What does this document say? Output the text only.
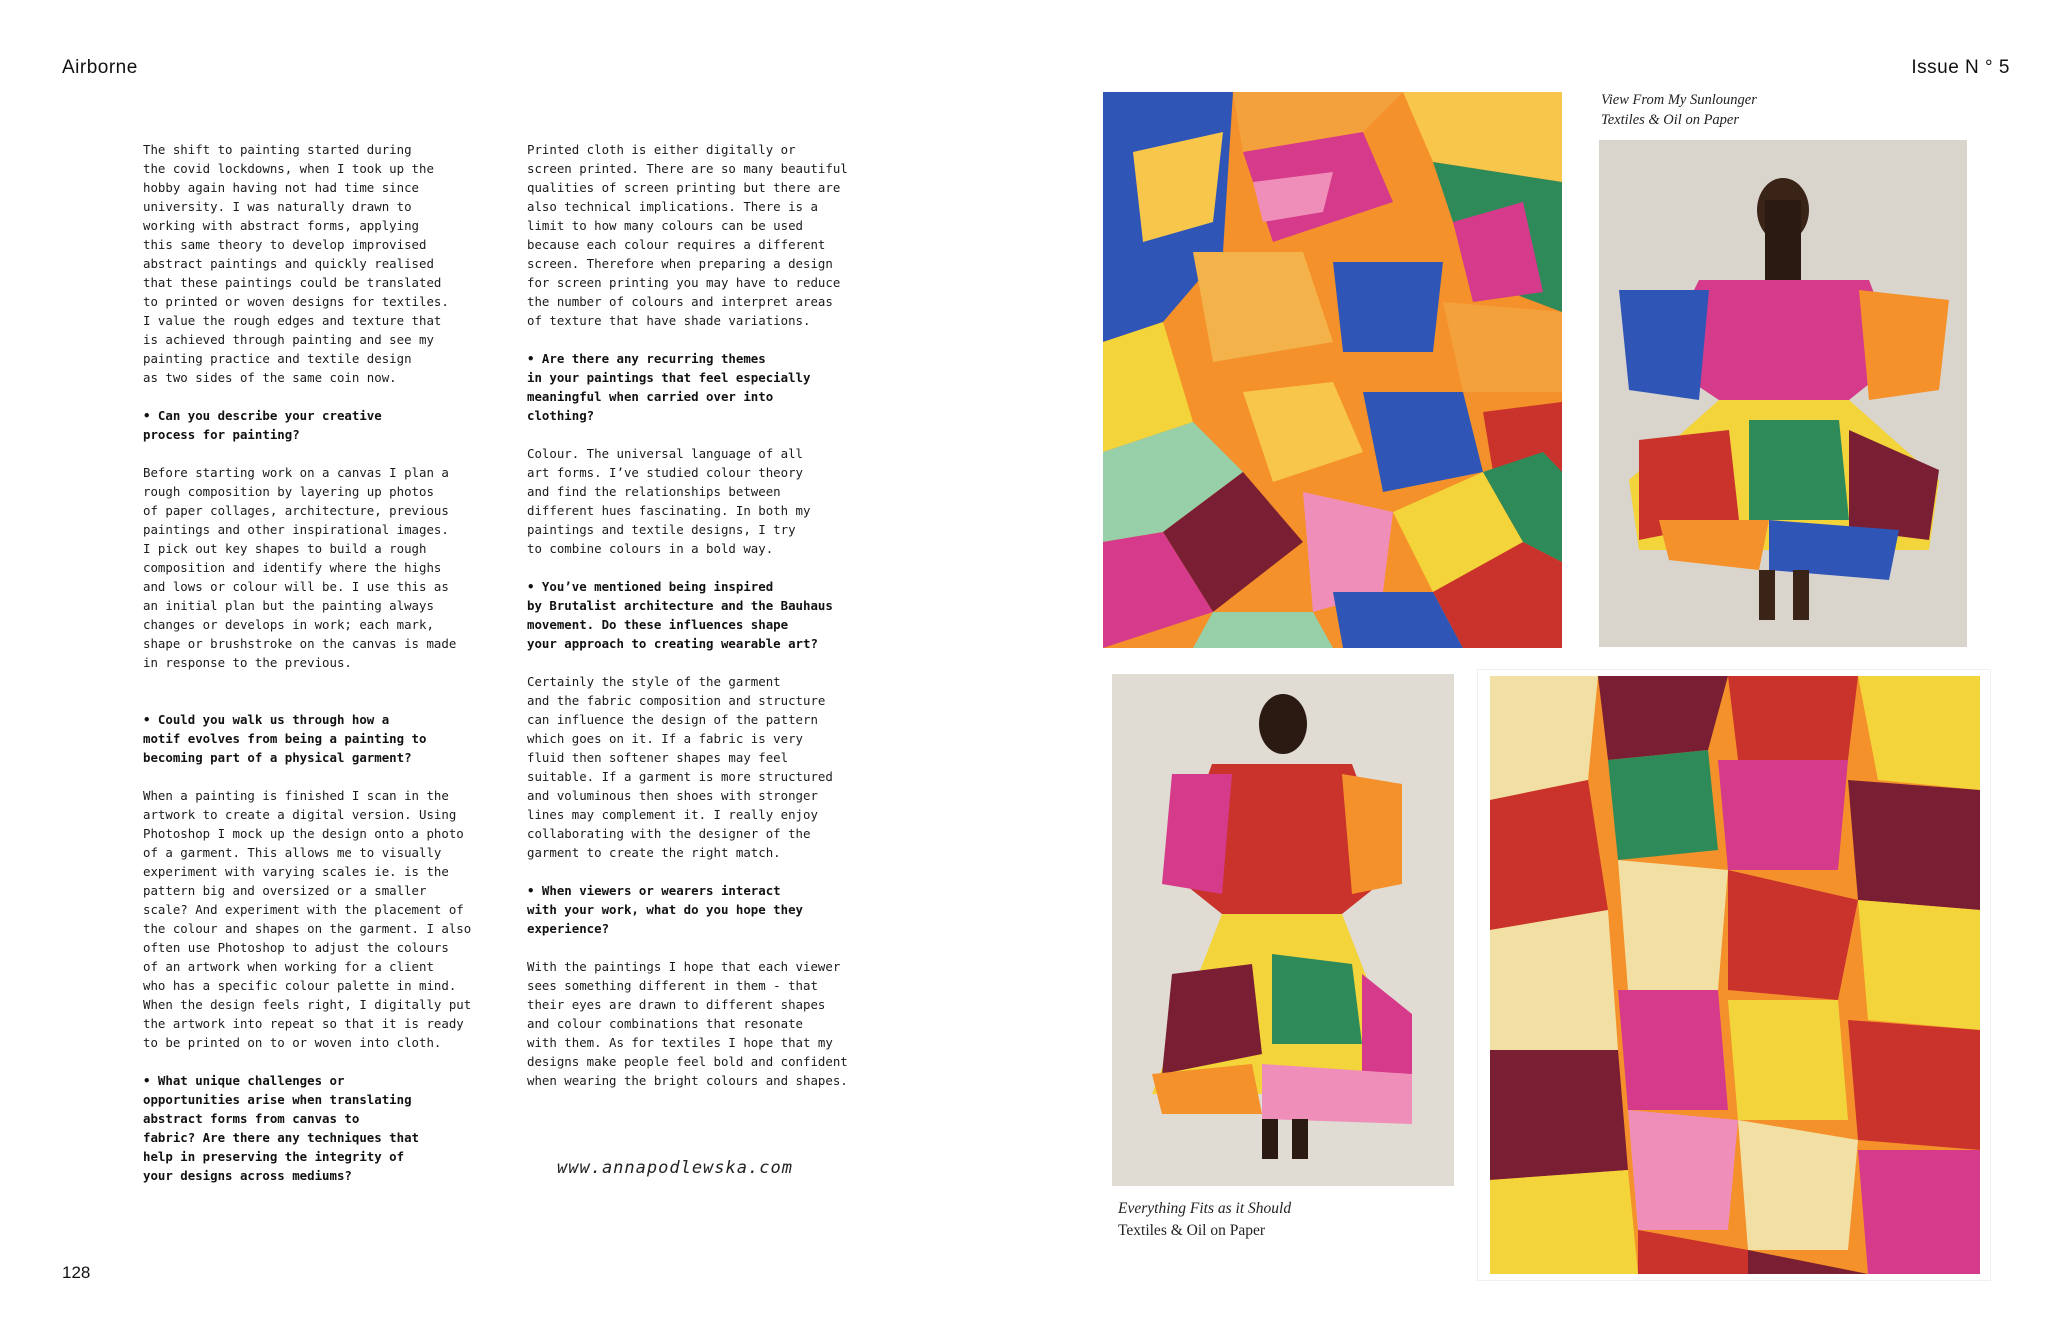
Airborne	Issue N ° 5

The shift to painting started during
the covid lockdowns, when I took up the
hobby again having not had time since
university. I was naturally drawn to
working with abstract forms, applying
this same theory to develop improvised
abstract paintings and quickly realised
that these paintings could be translated
to printed or woven designs for textiles.
I value the rough edges and texture that
is achieved through painting and see my
painting practice and textile design
as two sides of the same coin now.

• Can you describe your creative
process for painting?

Before starting work on a canvas I plan a
rough composition by layering up photos
of paper collages, architecture, previous
paintings and other inspirational images.
I pick out key shapes to build a rough
composition and identify where the highs
and lows or colour will be. I use this as
an initial plan but the painting always
changes or develops in work; each mark,
shape or brushstroke on the canvas is made
in response to the previous.

• Could you walk us through how a
motif evolves from being a painting to
becoming part of a physical garment?

When a painting is finished I scan in the
artwork to create a digital version. Using
Photoshop I mock up the design onto a photo
of a garment. This allows me to visually
experiment with varying scales ie. is the
pattern big and oversized or a smaller
scale? And experiment with the placement of
the colour and shapes on the garment. I also
often use Photoshop to adjust the colours
of an artwork when working for a client
who has a specific colour palette in mind.
When the design feels right, I digitally put
the artwork into repeat so that it is ready
to be printed on to or woven into cloth.

• What unique challenges or
opportunities arise when translating
abstract forms from canvas to
fabric? Are there any techniques that
help in preserving the integrity of
your designs across mediums?

Printed cloth is either digitally or
screen printed. There are so many beautiful
qualities of screen printing but there are
also technical implications. There is a
limit to how many colours can be used
because each colour requires a different
screen. Therefore when preparing a design
for screen printing you may have to reduce
the number of colours and interpret areas
of texture that have shade variations.

• Are there any recurring themes
in your paintings that feel especially
meaningful when carried over into
clothing?

Colour. The universal language of all
art forms. I’ve studied colour theory
and find the relationships between
different hues fascinating. In both my
paintings and textile designs, I try
to combine colours in a bold way.

• You’ve mentioned being inspired
by Brutalist architecture and the Bauhaus
movement. Do these influences shape
your approach to creating wearable art?

Certainly the style of the garment
and the fabric composition and structure
can influence the design of the pattern
which goes on it. If a fabric is very
fluid then softener shapes may feel
suitable. If a garment is more structured
and voluminous then shoes with stronger
lines may complement it. I really enjoy
collaborating with the designer of the
garment to create the right match.

• When viewers or wearers interact
with your work, what do you hope they
experience?

With the paintings I hope that each viewer
sees something different in them - that
their eyes are drawn to different shapes
and colour combinations that resonate
with them. As for textiles I hope that my
designs make people feel bold and confident
when wearing the bright colours and shapes.

www.annapodlewska.com
128
View From My Sunlounger
Textiles & Oil on Paper
Everything Fits as it Should
Textiles & Oil on Paper
